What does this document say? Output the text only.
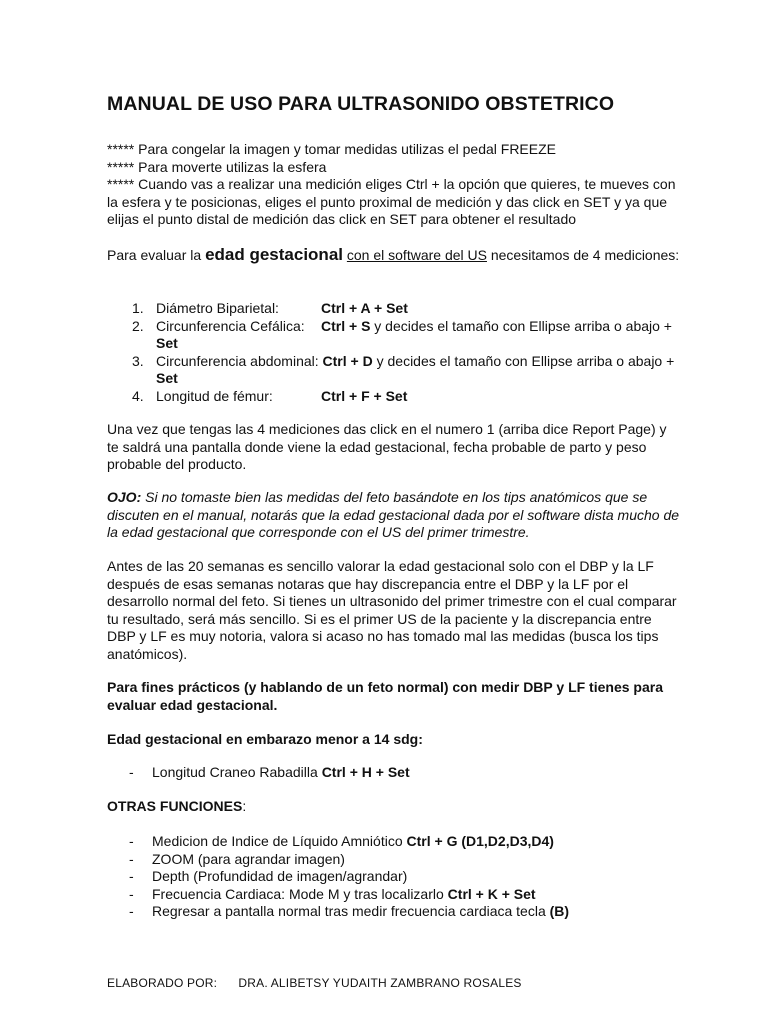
MANUAL DE USO PARA ULTRASONIDO OBSTETRICO

***** Para congelar la imagen y tomar medidas utilizas el pedal FREEZE

***** Para moverte utilizas la esfera

***** Cuando vas a realizar una medición eliges Ctrl + la opción que quieres, te mueves con la esfera y te posicionas, eliges el punto proximal de medición y das click en SET y ya que elijas el punto distal de medición das click en SET para obtener el resultado

Para evaluar la edad gestacional con el software del US necesitamos de 4 mediciones:

1. Diámetro Biparietal:	Ctrl + A + Set
2. Circunferencia Cefálica: Ctrl + S y decides el tamaño con Ellipse arriba o abajo + Set
3. Circunferencia abdominal: Ctrl + D y decides el tamaño con Ellipse arriba o abajo + Set
4. Longitud de fémur:	Ctrl + F + Set

Una vez que tengas las 4 mediciones das click en el numero 1 (arriba dice Report Page) y te saldrá una pantalla donde viene la edad gestacional, fecha probable de parto y peso probable del producto.

OJO: Si no tomaste bien las medidas del feto basándote en los tips anatómicos que se discuten en el manual, notarás que la edad gestacional dada por el software dista mucho de la edad gestacional que corresponde con el US del primer trimestre.

Antes de las 20 semanas es sencillo valorar la edad gestacional solo con el DBP y la LF después de esas semanas notaras que hay discrepancia entre el DBP y la LF por el desarrollo normal del feto. Si tienes un ultrasonido del primer trimestre con el cual comparar tu resultado, será más sencillo. Si es el primer US de la paciente y la discrepancia entre DBP y LF es muy notoria, valora si acaso no has tomado mal las medidas (busca los tips anatómicos).

Para fines prácticos (y hablando de un feto normal) con medir DBP y LF tienes para evaluar edad gestacional.

Edad gestacional en embarazo menor a 14 sdg:

- Longitud Craneo Rabadilla Ctrl + H + Set

OTRAS FUNCIONES:

- Medicion de Indice de Líquido Amniótico Ctrl + G (D1,D2,D3,D4)
- ZOOM (para agrandar imagen)
- Depth (Profundidad de imagen/agrandar)
- Frecuencia Cardiaca: Mode M y tras localizarlo Ctrl + K + Set
- Regresar a pantalla normal tras medir frecuencia cardiaca tecla (B)
ELABORADO POR: DRA. ALIBETSY YUDAITH ZAMBRANO ROSALES
